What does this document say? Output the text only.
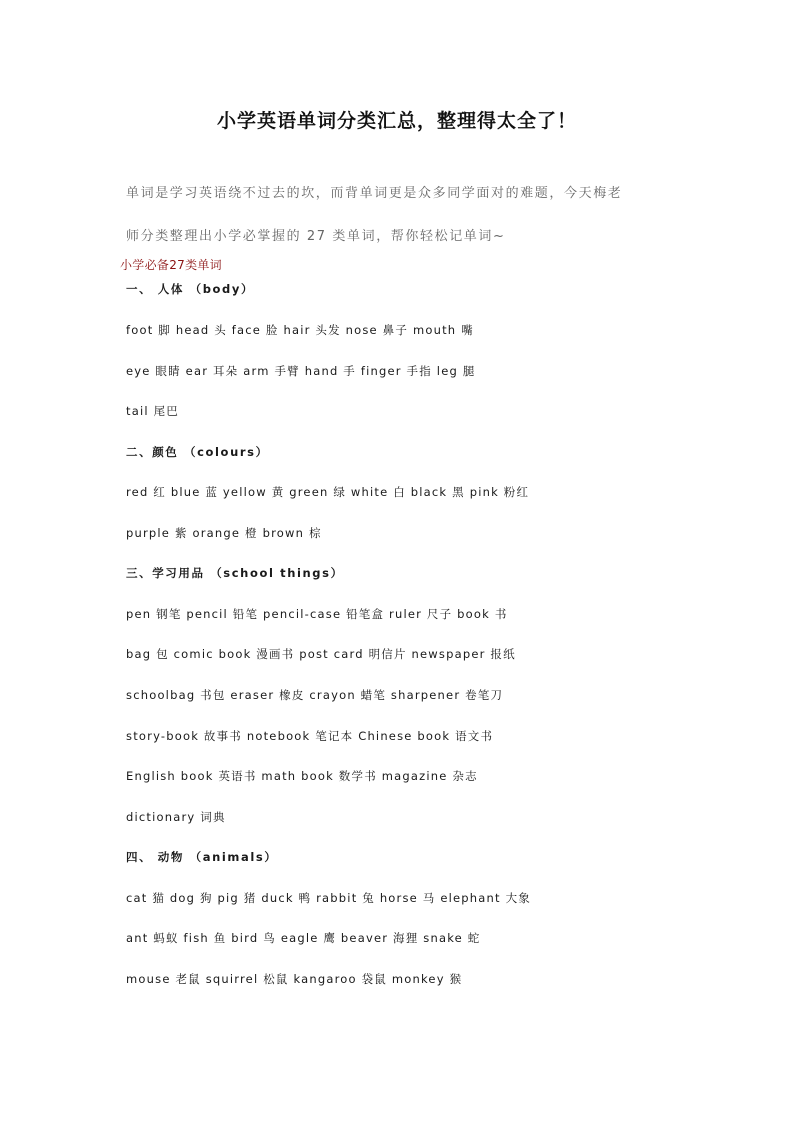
小学英语单词分类汇总，整理得太全了！
单词是学习英语绕不过去的坎，而背单词更是众多同学面对的难题，今天梅老
师分类整理出小学必掌握的 27 类单词，帮你轻松记单词~
小学必备27类单词
一、 人体 （body）
foot 脚 head 头 face 脸 hair 头发 nose 鼻子 mouth 嘴
eye 眼睛 ear 耳朵 arm 手臂 hand 手 finger 手指 leg 腿
tail 尾巴
二、颜色 （colours）
red 红 blue 蓝 yellow 黄 green 绿 white 白 black 黑 pink 粉红
purple 紫 orange 橙 brown 棕
三、学习用品 （school things）
pen 钢笔 pencil 铅笔 pencil-case 铅笔盒 ruler 尺子 book 书
bag 包 comic book 漫画书 post card 明信片 newspaper 报纸
schoolbag 书包 eraser 橡皮 crayon 蜡笔 sharpener 卷笔刀
story-book 故事书 notebook 笔记本 Chinese book 语文书
English book 英语书 math book 数学书 magazine 杂志
dictionary 词典
四、 动物 （animals）
cat 猫 dog 狗 pig 猪 duck 鸭 rabbit 兔 horse 马 elephant 大象
ant 蚂蚁 fish 鱼 bird 鸟 eagle 鹰 beaver 海狸 snake 蛇
mouse 老鼠 squirrel 松鼠 kangaroo 袋鼠 monkey 猴
